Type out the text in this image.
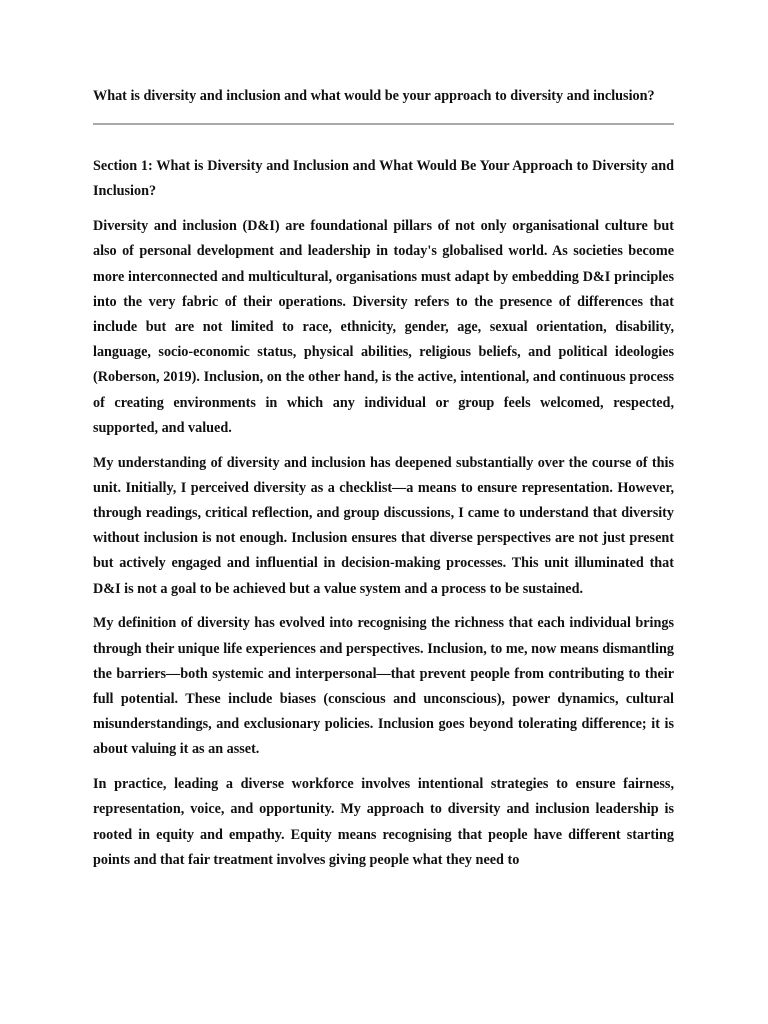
What is diversity and inclusion and what would be your approach to diversity and inclusion?

Section 1: What is Diversity and Inclusion and What Would Be Your Approach to Diversity and Inclusion?

Diversity and inclusion (D&I) are foundational pillars of not only organisational culture but also of personal development and leadership in today's globalised world. As societies become more interconnected and multicultural, organisations must adapt by embedding D&I principles into the very fabric of their operations. Diversity refers to the presence of differences that include but are not limited to race, ethnicity, gender, age, sexual orientation, disability, language, socio-economic status, physical abilities, religious beliefs, and political ideologies (Roberson, 2019). Inclusion, on the other hand, is the active, intentional, and continuous process of creating environments in which any individual or group feels welcomed, respected, supported, and valued.

My understanding of diversity and inclusion has deepened substantially over the course of this unit. Initially, I perceived diversity as a checklist—a means to ensure representation. However, through readings, critical reflection, and group discussions, I came to understand that diversity without inclusion is not enough. Inclusion ensures that diverse perspectives are not just present but actively engaged and influential in decision-making processes. This unit illuminated that D&I is not a goal to be achieved but a value system and a process to be sustained.

My definition of diversity has evolved into recognising the richness that each individual brings through their unique life experiences and perspectives. Inclusion, to me, now means dismantling the barriers—both systemic and interpersonal—that prevent people from contributing to their full potential. These include biases (conscious and unconscious), power dynamics, cultural misunderstandings, and exclusionary policies. Inclusion goes beyond tolerating difference; it is about valuing it as an asset.

In practice, leading a diverse workforce involves intentional strategies to ensure fairness, representation, voice, and opportunity. My approach to diversity and inclusion leadership is rooted in equity and empathy. Equity means recognising that people have different starting points and that fair treatment involves giving people what they need to
